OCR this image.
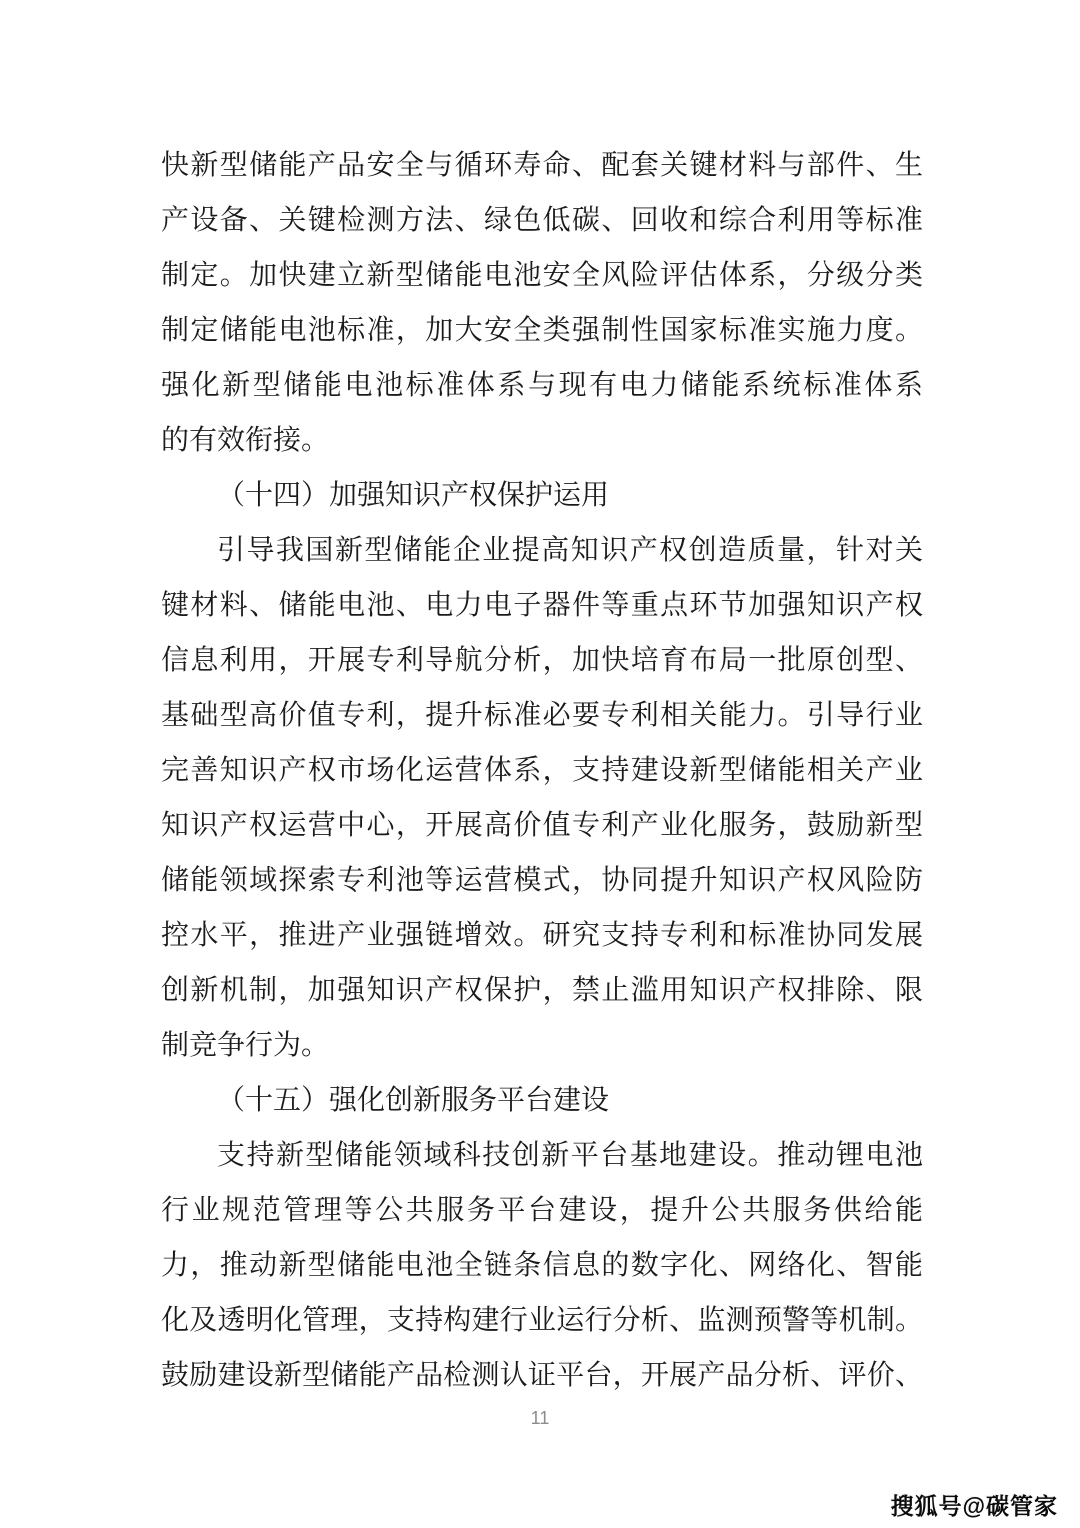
快新型储能产品安全与循环寿命、配套关键材料与部件、生

产设备、关键检测方法、绿色低碳、回收和综合利用等标准

制定。加快建立新型储能电池安全风险评估体系，分级分类

制定储能电池标准，加大安全类强制性国家标准实施力度。

强化新型储能电池标准体系与现有电力储能系统标准体系

的有效衔接。

（十四）加强知识产权保护运用

引导我国新型储能企业提高知识产权创造质量，针对关

键材料、储能电池、电力电子器件等重点环节加强知识产权

信息利用，开展专利导航分析，加快培育布局一批原创型、

基础型高价值专利，提升标准必要专利相关能力。引导行业

完善知识产权市场化运营体系，支持建设新型储能相关产业

知识产权运营中心，开展高价值专利产业化服务，鼓励新型

储能领域探索专利池等运营模式，协同提升知识产权风险防

控水平，推进产业强链增效。研究支持专利和标准协同发展

创新机制，加强知识产权保护，禁止滥用知识产权排除、限

制竞争行为。

（十五）强化创新服务平台建设

支持新型储能领域科技创新平台基地建设。推动锂电池

行业规范管理等公共服务平台建设，提升公共服务供给能

力，推动新型储能电池全链条信息的数字化、网络化、智能

化及透明化管理，支持构建行业运行分析、监测预警等机制。

鼓励建设新型储能产品检测认证平台，开展产品分析、评价、

11
搜狐号@碳管家
